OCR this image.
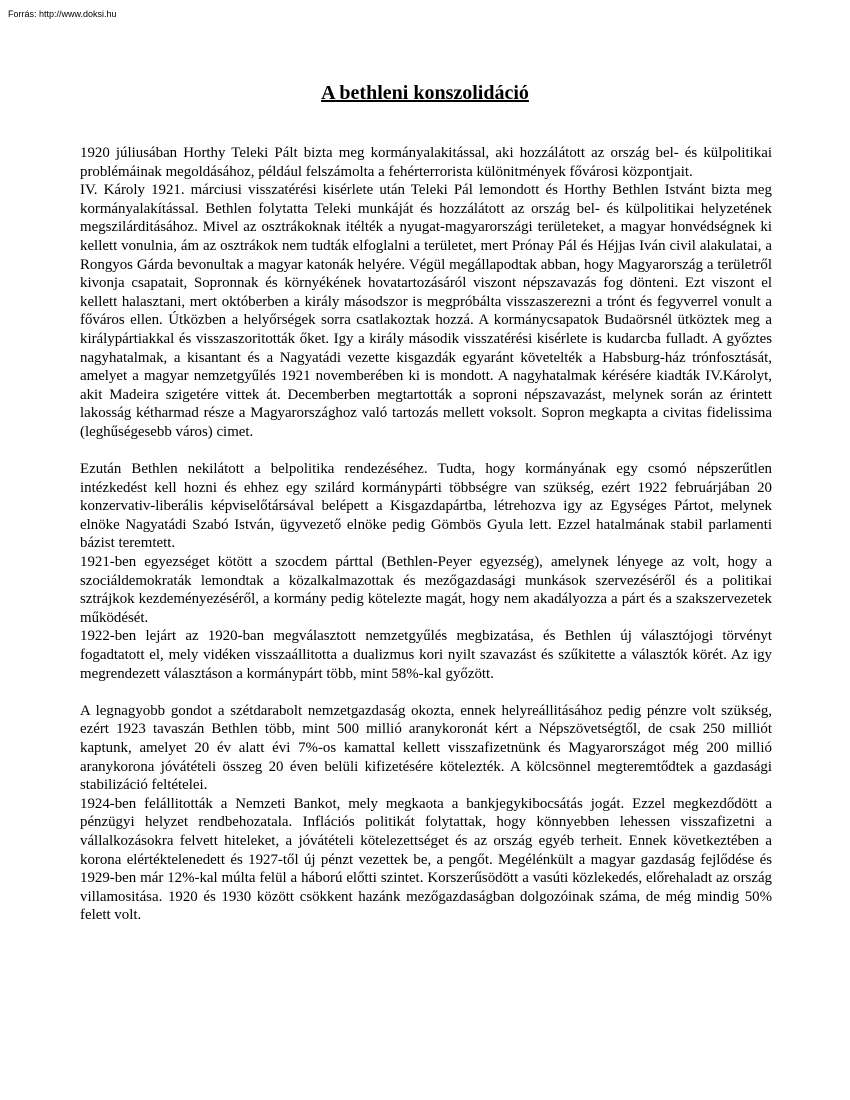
Forrás: http://www.doksi.hu
A bethleni konszolidáció

1920 júliusában Horthy Teleki Pált bizta meg kormányalakitással, aki hozzálátott az ország bel- és külpolitikai problémáinak megoldásához, például felszámolta a fehérterrorista különitmények fővárosi központjait.

IV. Károly 1921. márciusi visszatérési kisérlete után Teleki Pál lemondott és Horthy Bethlen Istvánt bizta meg kormányalakítással. Bethlen folytatta Teleki munkáját és hozzálátott az ország bel- és külpolitikai helyzetének megszilárditásához. Mivel az osztrákoknak itélték a nyugat-magyarországi területeket, a magyar honvédségnek ki kellett vonulnia, ám az osztrákok nem tudták elfoglalni a területet, mert Prónay Pál és Héjjas Iván civil alakulatai, a Rongyos Gárda bevonultak a magyar katonák helyére. Végül megállapodtak abban, hogy Magyarország a területről kivonja csapatait, Sopronnak és környékének hovatartozásáról viszont népszavazás fog dönteni. Ezt viszont el kellett halasztani, mert októberben a király másodszor is megpróbálta visszaszerezni a trónt és fegyverrel vonult a főváros ellen. Útközben a helyőrségek sorra csatlakoztak hozzá. A kormánycsapatok Budaörsnél ütköztek meg a királypártiakkal és visszaszoritották őket. Igy a király második visszatérési kisérlete is kudarcba fulladt. A győztes nagyhatalmak, a kisantant és a Nagyatádi vezette kisgazdák egyaránt követelték a Habsburg-ház trónfosztását, amelyet a magyar nemzetgyűlés 1921 novemberében ki is mondott. A nagyhatalmak kérésére kiadták IV.Károlyt, akit Madeira szigetére vittek át. Decemberben megtartották a soproni népszavazást, melynek során az érintett lakosság kétharmad része a Magyarországhoz való tartozás mellett voksolt. Sopron megkapta a civitas fidelissima (leghűségesebb város) cimet.

Ezután Bethlen nekilátott a belpolitika rendezéséhez. Tudta, hogy kormányának egy csomó népszerűtlen intézkedést kell hozni és ehhez egy szilárd kormánypárti többségre van szükség, ezért 1922 februárjában 20 konzervativ-liberális képviselőtársával belépett a Kisgazdapártba, létrehozva igy az Egységes Pártot, melynek elnöke Nagyatádi Szabó István, ügyvezető elnöke pedig Gömbös Gyula lett. Ezzel hatalmának stabil parlamenti bázist teremtett.

1921-ben egyezséget kötött a szocdem párttal (Bethlen-Peyer egyezség), amelynek lényege az volt, hogy a szociáldemokraták lemondtak a közalkalmazottak és mezőgazdasági munkások szervezéséről és a politikai sztrájkok kezdeményezéséről, a kormány pedig kötelezte magát, hogy nem akadályozza a párt és a szakszervezetek működését.

1922-ben lejárt az 1920-ban megválasztott nemzetgyűlés megbizatása, és Bethlen új választójogi törvényt fogadtatott el, mely vidéken visszaállitotta a dualizmus kori nyilt szavazást és szűkitette a választók körét. Az igy megrendezett választáson a kormánypárt több, mint 58%-kal győzött.

A legnagyobb gondot a szétdarabolt nemzetgazdaság okozta, ennek helyreállitásához pedig pénzre volt szükség, ezért 1923 tavaszán Bethlen több, mint 500 millió aranykoronát kért a Népszövetségtől, de csak 250 milliót kaptunk, amelyet 20 év alatt évi 7%-os kamattal kellett visszafizetnünk és Magyarországot még 200 millió aranykorona jóvátételi összeg 20 éven belüli kifizetésére kötelezték. A kölcsönnel megteremtődtek a gazdasági stabilizáció feltételei.

1924-ben felállitották a Nemzeti Bankot, mely megkaota a bankjegykibocsátás jogát. Ezzel megkezdődött a pénzügyi helyzet rendbehozatala. Inflációs politikát folytattak, hogy könnyebben lehessen visszafizetni a vállalkozásokra felvett hiteleket, a jóvátételi kötelezettséget és az ország egyéb terheit. Ennek következtében a korona elértéktelenedett és 1927-től új pénzt vezettek be, a pengőt. Megélénkült a magyar gazdaság fejlődése és 1929-ben már 12%-kal múlta felül a háború előtti szintet. Korszerűsödött a vasúti közlekedés, előrehaladt az ország villamositása. 1920 és 1930 között csökkent hazánk mezőgazdaságban dolgozóinak száma, de még mindig 50% felett volt.
